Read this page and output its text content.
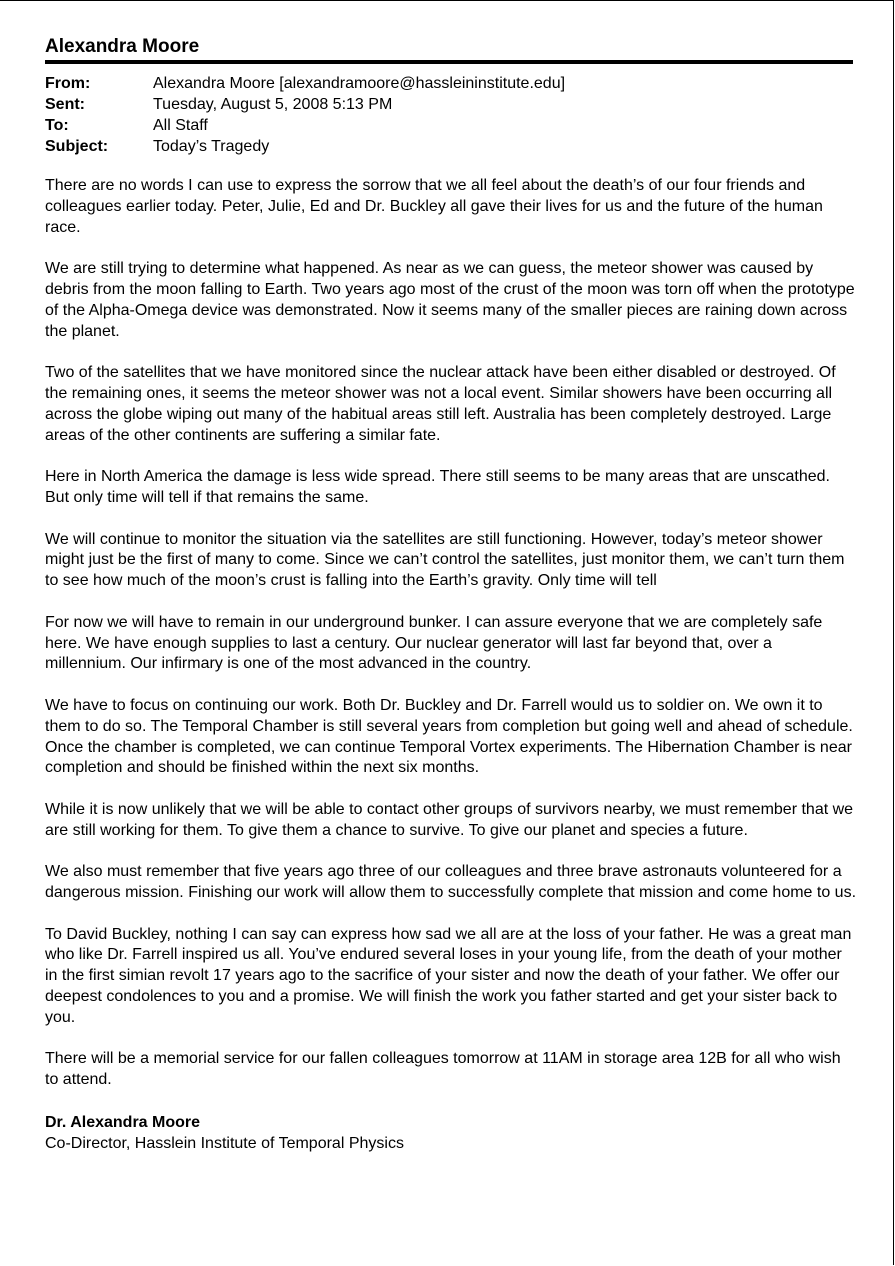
Alexandra Moore
From:	Alexandra Moore [alexandramoore@hassleininstitute.edu]
Sent:	Tuesday, August 5, 2008 5:13 PM
To:	All Staff
Subject:	Today’s Tragedy

There are no words I can use to express the sorrow that we all feel about the death’s of our four friends and colleagues earlier today. Peter, Julie, Ed and Dr. Buckley all gave their lives for us and the future of the human race.

We are still trying to determine what happened. As near as we can guess, the meteor shower was caused by debris from the moon falling to Earth. Two years ago most of the crust of the moon was torn off when the prototype of the Alpha-Omega device was demonstrated. Now it seems many of the smaller pieces are raining down across the planet.

Two of the satellites that we have monitored since the nuclear attack have been either disabled or destroyed. Of the remaining ones, it seems the meteor shower was not a local event. Similar showers have been occurring all across the globe wiping out many of the habitual areas still left. Australia has been completely destroyed. Large areas of the other continents are suffering a similar fate.

Here in North America the damage is less wide spread. There still seems to be many areas that are unscathed. But only time will tell if that remains the same.

We will continue to monitor the situation via the satellites are still functioning. However, today’s meteor shower might just be the first of many to come. Since we can’t control the satellites, just monitor them, we can’t turn them to see how much of the moon’s crust is falling into the Earth’s gravity. Only time will tell

For now we will have to remain in our underground bunker. I can assure everyone that we are completely safe here. We have enough supplies to last a century. Our nuclear generator will last far beyond that, over a millennium. Our infirmary is one of the most advanced in the country.

We have to focus on continuing our work. Both Dr. Buckley and Dr. Farrell would us to soldier on. We own it to them to do so. The Temporal Chamber is still several years from completion but going well and ahead of schedule. Once the chamber is completed, we can continue Temporal Vortex experiments. The Hibernation Chamber is near completion and should be finished within the next six months.

While it is now unlikely that we will be able to contact other groups of survivors nearby, we must remember that we are still working for them. To give them a chance to survive. To give our planet and species a future.

We also must remember that five years ago three of our colleagues and three brave astronauts volunteered for a dangerous mission. Finishing our work will allow them to successfully complete that mission and come home to us.

To David Buckley, nothing I can say can express how sad we all are at the loss of your father. He was a great man who like Dr. Farrell inspired us all. You’ve endured several loses in your young life, from the death of your mother in the first simian revolt 17 years ago to the sacrifice of your sister and now the death of your father. We offer our deepest condolences to you and a promise. We will finish the work you father started and get your sister back to you.

There will be a memorial service for our fallen colleagues tomorrow at 11AM in storage area 12B for all who wish to attend.

Dr. Alexandra Moore
Co-Director, Hasslein Institute of Temporal Physics
